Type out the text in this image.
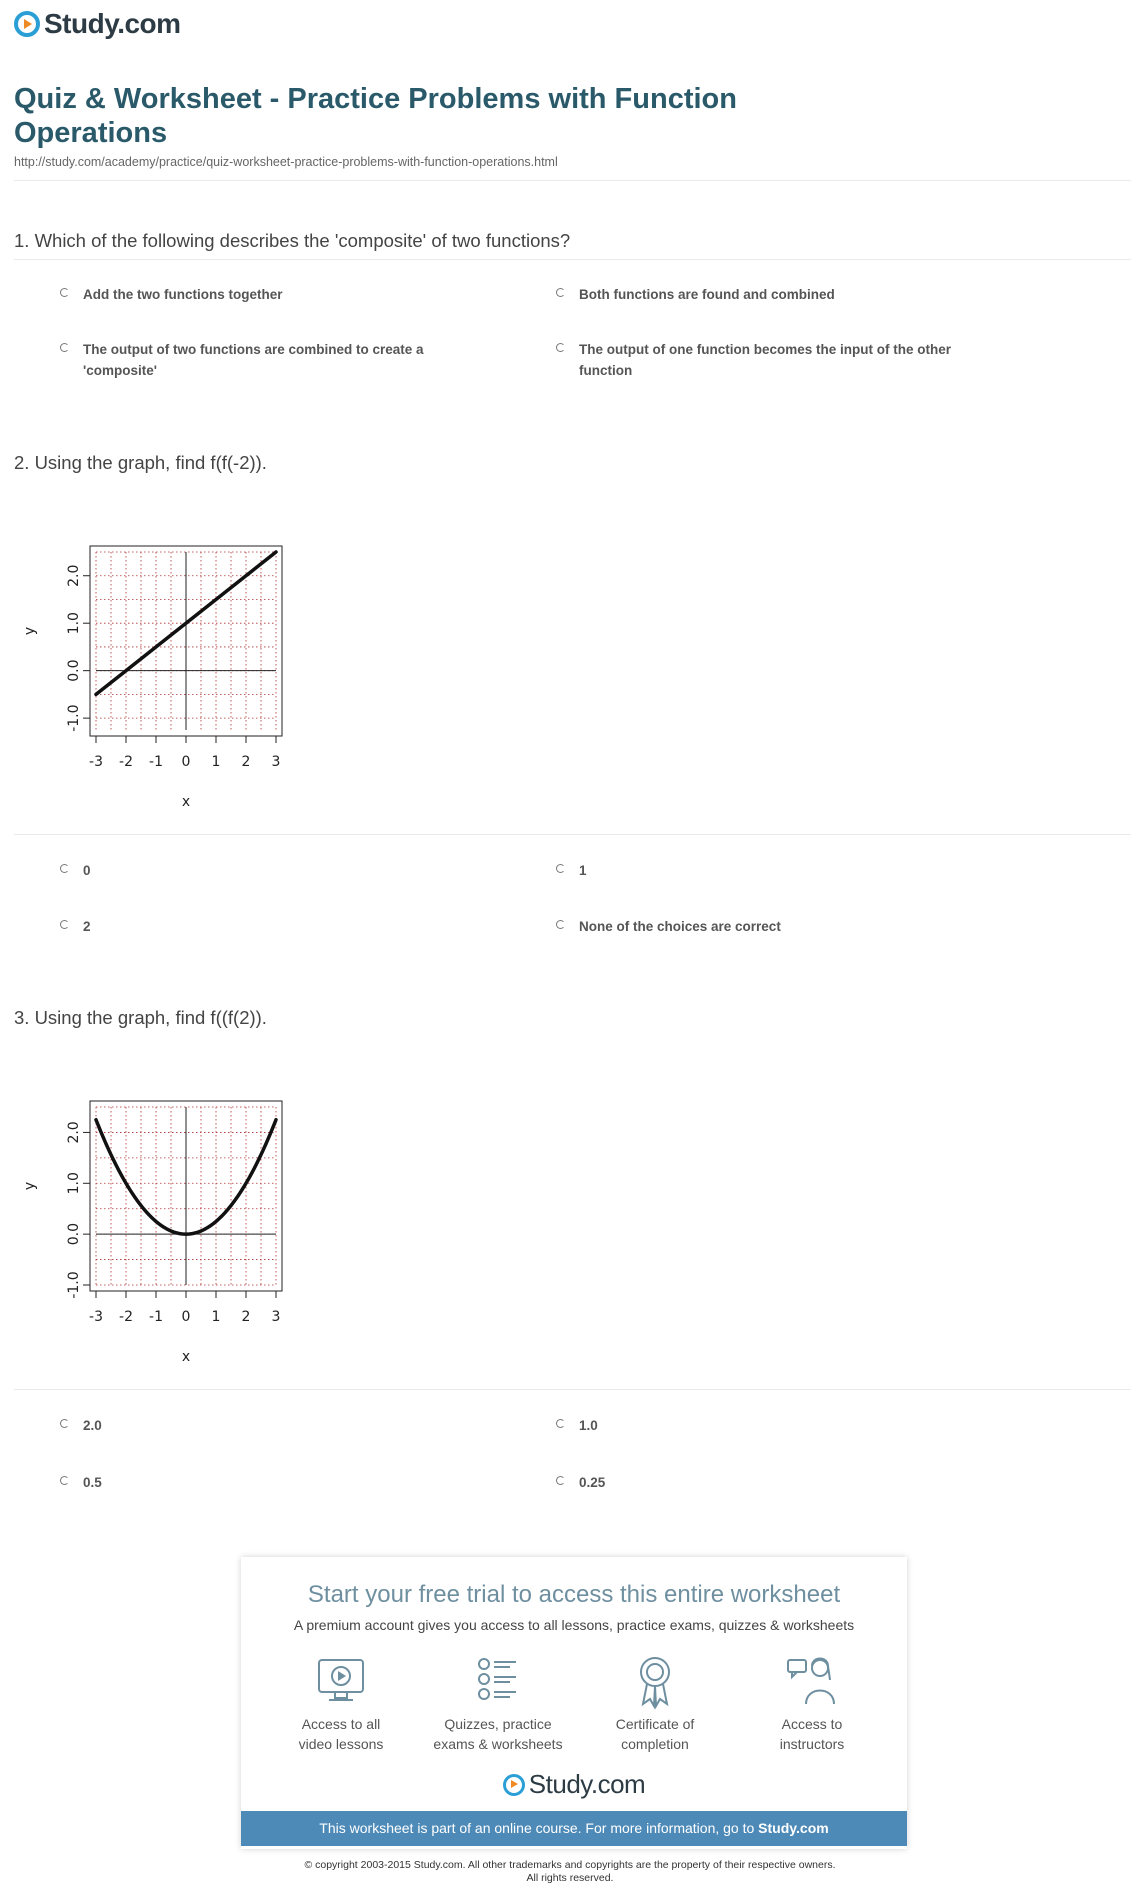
Study.com
Quiz & Worksheet - Practice Problems with Function Operations
http://study.com/academy/practice/quiz-worksheet-practice-problems-with-function-operations.html
1. Which of the following describes the 'composite' of two functions?
Add the two functions together	Both functions are found and combined
The output of two functions are combined to create a 'composite'
The output of one function becomes the input of the other function
2. Using the graph, find f(f(-2)).
-3 -2 -1 0 1 2 3
-1.0
0.0
1.0
2.0
x
y
0	1
2	None of the choices are correct
3. Using the graph, find f((f(2)).
-3 -2 -1 0 1 2 3
-1.0
0.0
1.0
2.0
x
y
2.0	1.0
0.5	0.25
Start your free trial to access this entire worksheet
A premium account gives you access to all lessons, practice exams, quizzes & worksheets
Access to all
video lessons
Quizzes, practice
exams & worksheets
Certificate of
completion
Access to
instructors
Study.com
This worksheet is part of an online course. For more information, go to Study.com
© copyright 2003-2015 Study.com. All other trademarks and copyrights are the property of their respective owners.
All rights reserved.
